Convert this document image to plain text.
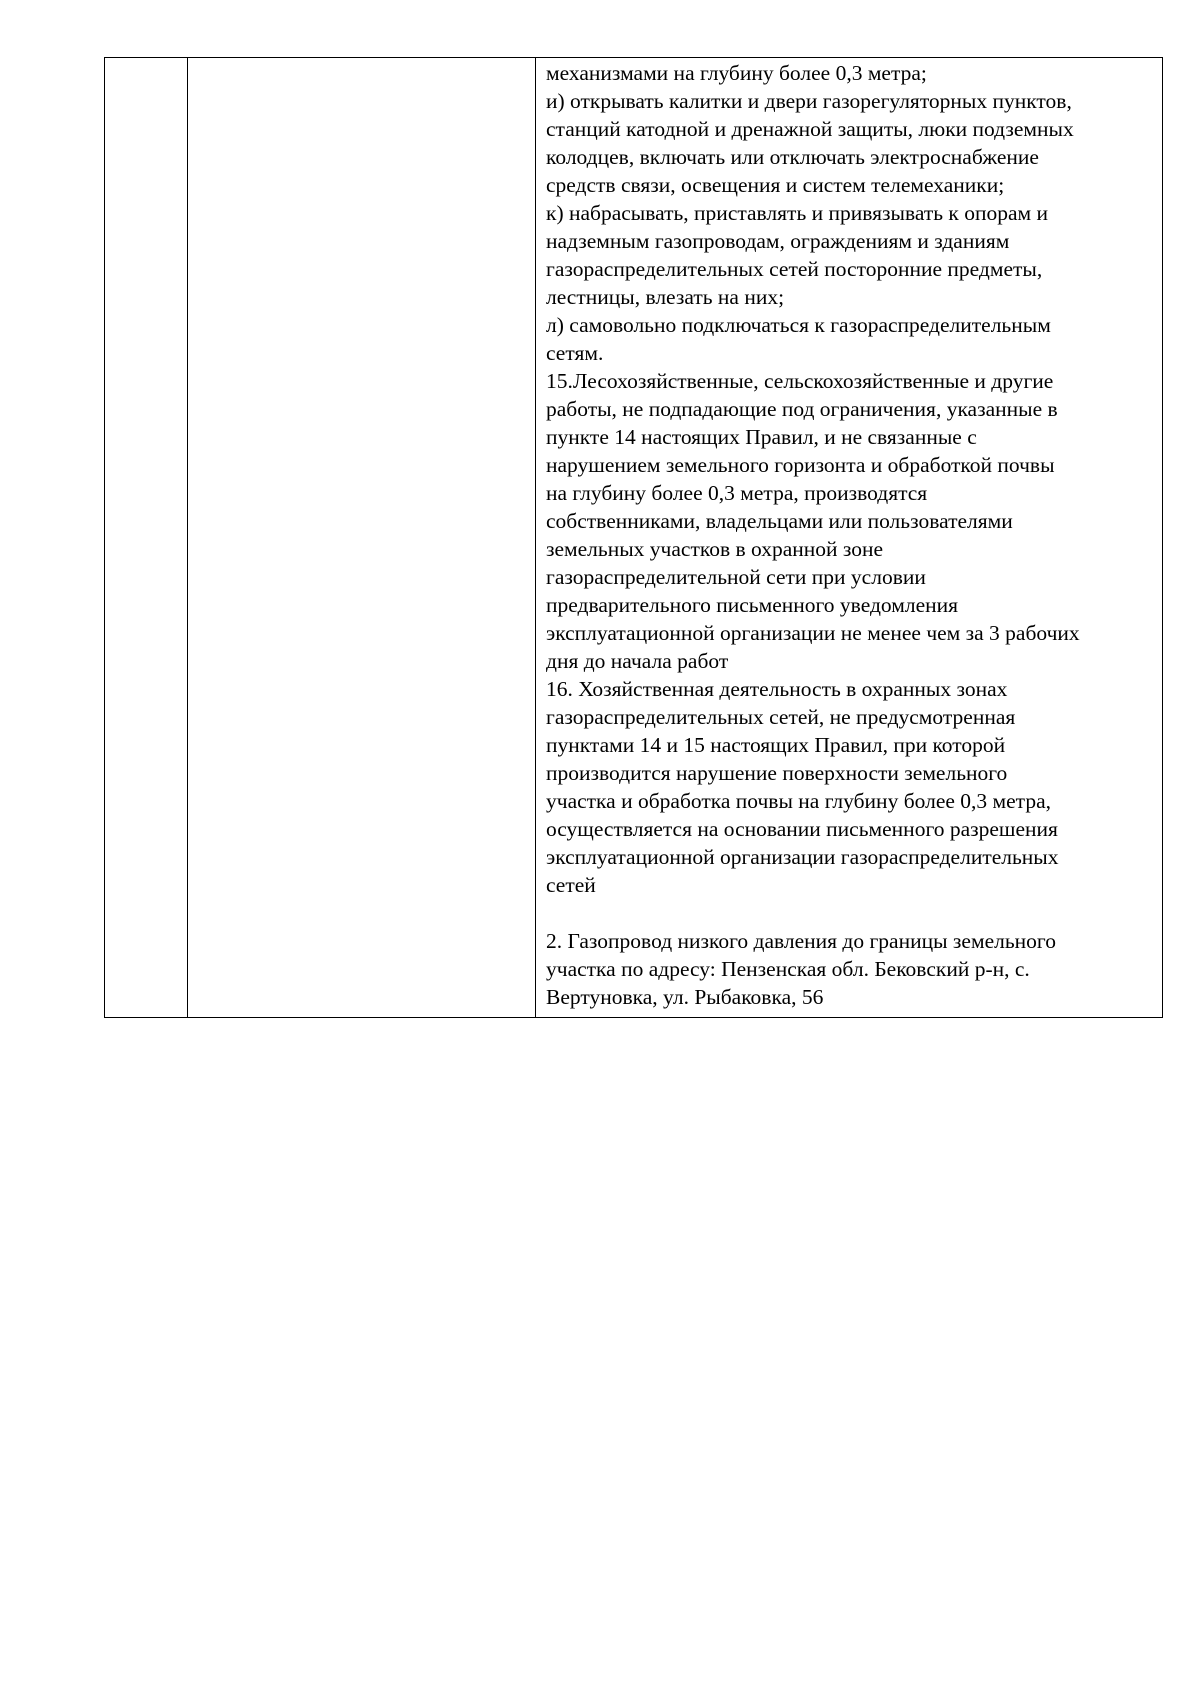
механизмами на глубину более 0,3 метра;
и) открывать калитки и двери газорегуляторных пунктов,
станций катодной и дренажной защиты, люки подземных
колодцев, включать или отключать электроснабжение
средств связи, освещения и систем телемеханики;
к) набрасывать, приставлять и привязывать к опорам и
надземным газопроводам, ограждениям и зданиям
газораспределительных сетей посторонние предметы,
лестницы, влезать на них;
л) самовольно подключаться к газораспределительным
сетям.
15.Лесохозяйственные, сельскохозяйственные и другие
работы, не подпадающие под ограничения, указанные в
пункте 14 настоящих Правил, и не связанные с
нарушением земельного горизонта и обработкой почвы
на глубину более 0,3 метра, производятся
собственниками, владельцами или пользователями
земельных участков в охранной зоне
газораспределительной сети при условии
предварительного письменного уведомления
эксплуатационной организации не менее чем за 3 рабочих
дня до начала работ
16. Хозяйственная деятельность в охранных зонах
газораспределительных сетей, не предусмотренная
пунктами 14 и 15 настоящих Правил, при которой
производится нарушение поверхности земельного
участка и обработка почвы на глубину более 0,3 метра,
осуществляется на основании письменного разрешения
эксплуатационной организации газораспределительных
сетей
2. Газопровод низкого давления до границы земельного
участка по адресу: Пензенская обл. Бековский р-н, с.
Вертуновка, ул. Рыбаковка, 56
